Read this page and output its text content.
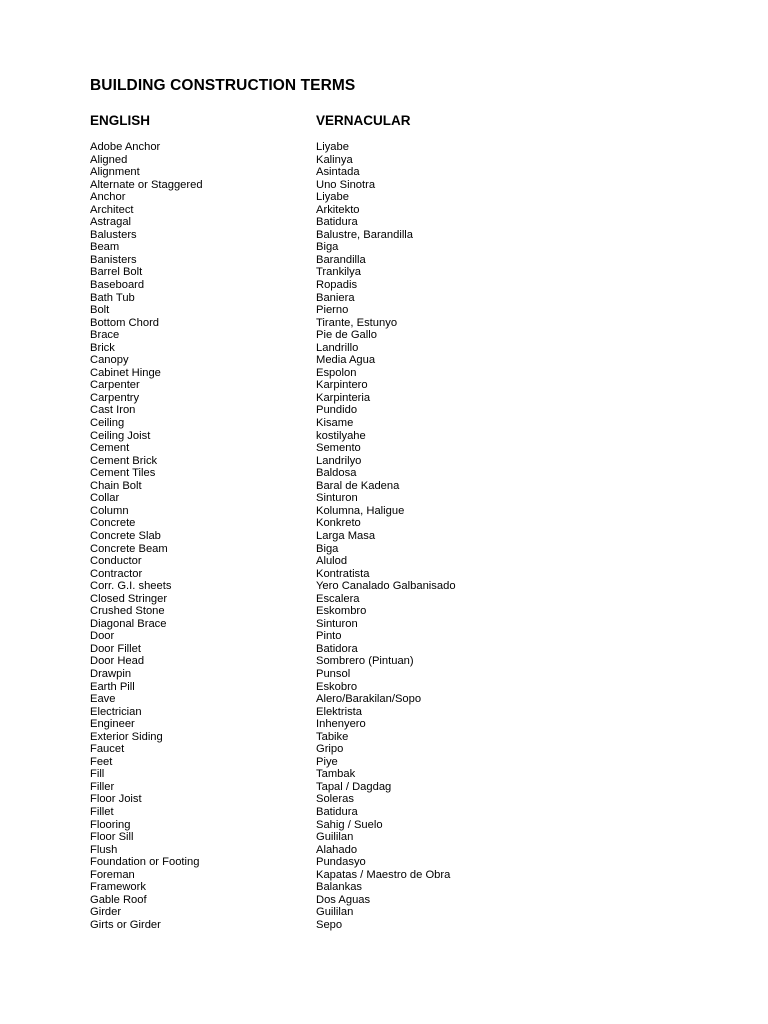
BUILDING CONSTRUCTION TERMS
ENGLISH	VERNACULAR
Adobe Anchor	Liyabe
Aligned	Kalinya
Alignment	Asintada
Alternate or Staggered	Uno Sinotra
Anchor	Liyabe
Architect	Arkitekto
Astragal	Batidura
Balusters	Balustre, Barandilla
Beam	Biga
Banisters	Barandilla
Barrel Bolt	Trankilya
Baseboard	Ropadis
Bath Tub	Baniera
Bolt	Pierno
Bottom Chord	Tirante, Estunyo
Brace	Pie de Gallo
Brick	Landrillo
Canopy	Media Agua
Cabinet Hinge	Espolon
Carpenter	Karpintero
Carpentry	Karpinteria
Cast Iron	Pundido
Ceiling	Kisame
Ceiling Joist	kostilyahe
Cement	Semento
Cement Brick	Landrilyo
Cement Tiles	Baldosa
Chain Bolt	Baral de Kadena
Collar	Sinturon
Column	Kolumna, Haligue
Concrete	Konkreto
Concrete Slab	Larga Masa
Concrete Beam	Biga
Conductor	Alulod
Contractor	Kontratista
Corr. G.I. sheets	Yero Canalado Galbanisado
Closed Stringer	Escalera
Crushed Stone	Eskombro
Diagonal Brace	Sinturon
Door	Pinto
Door Fillet	Batidora
Door Head	Sombrero (Pintuan)
Drawpin	Punsol
Earth Pill	Eskobro
Eave	Alero/Barakilan/Sopo
Electrician	Elektrista
Engineer	Inhenyero
Exterior Siding	Tabike
Faucet	Gripo
Feet	Piye
Fill	Tambak
Filler	Tapal / Dagdag
Floor Joist	Soleras
Fillet	Batidura
Flooring	Sahig / Suelo
Floor Sill	Guililan
Flush	Alahado
Foundation or Footing	Pundasyo
Foreman	Kapatas / Maestro de Obra
Framework	Balankas
Gable Roof	Dos Aguas
Girder	Guililan
Girts or Girder	Sepo
